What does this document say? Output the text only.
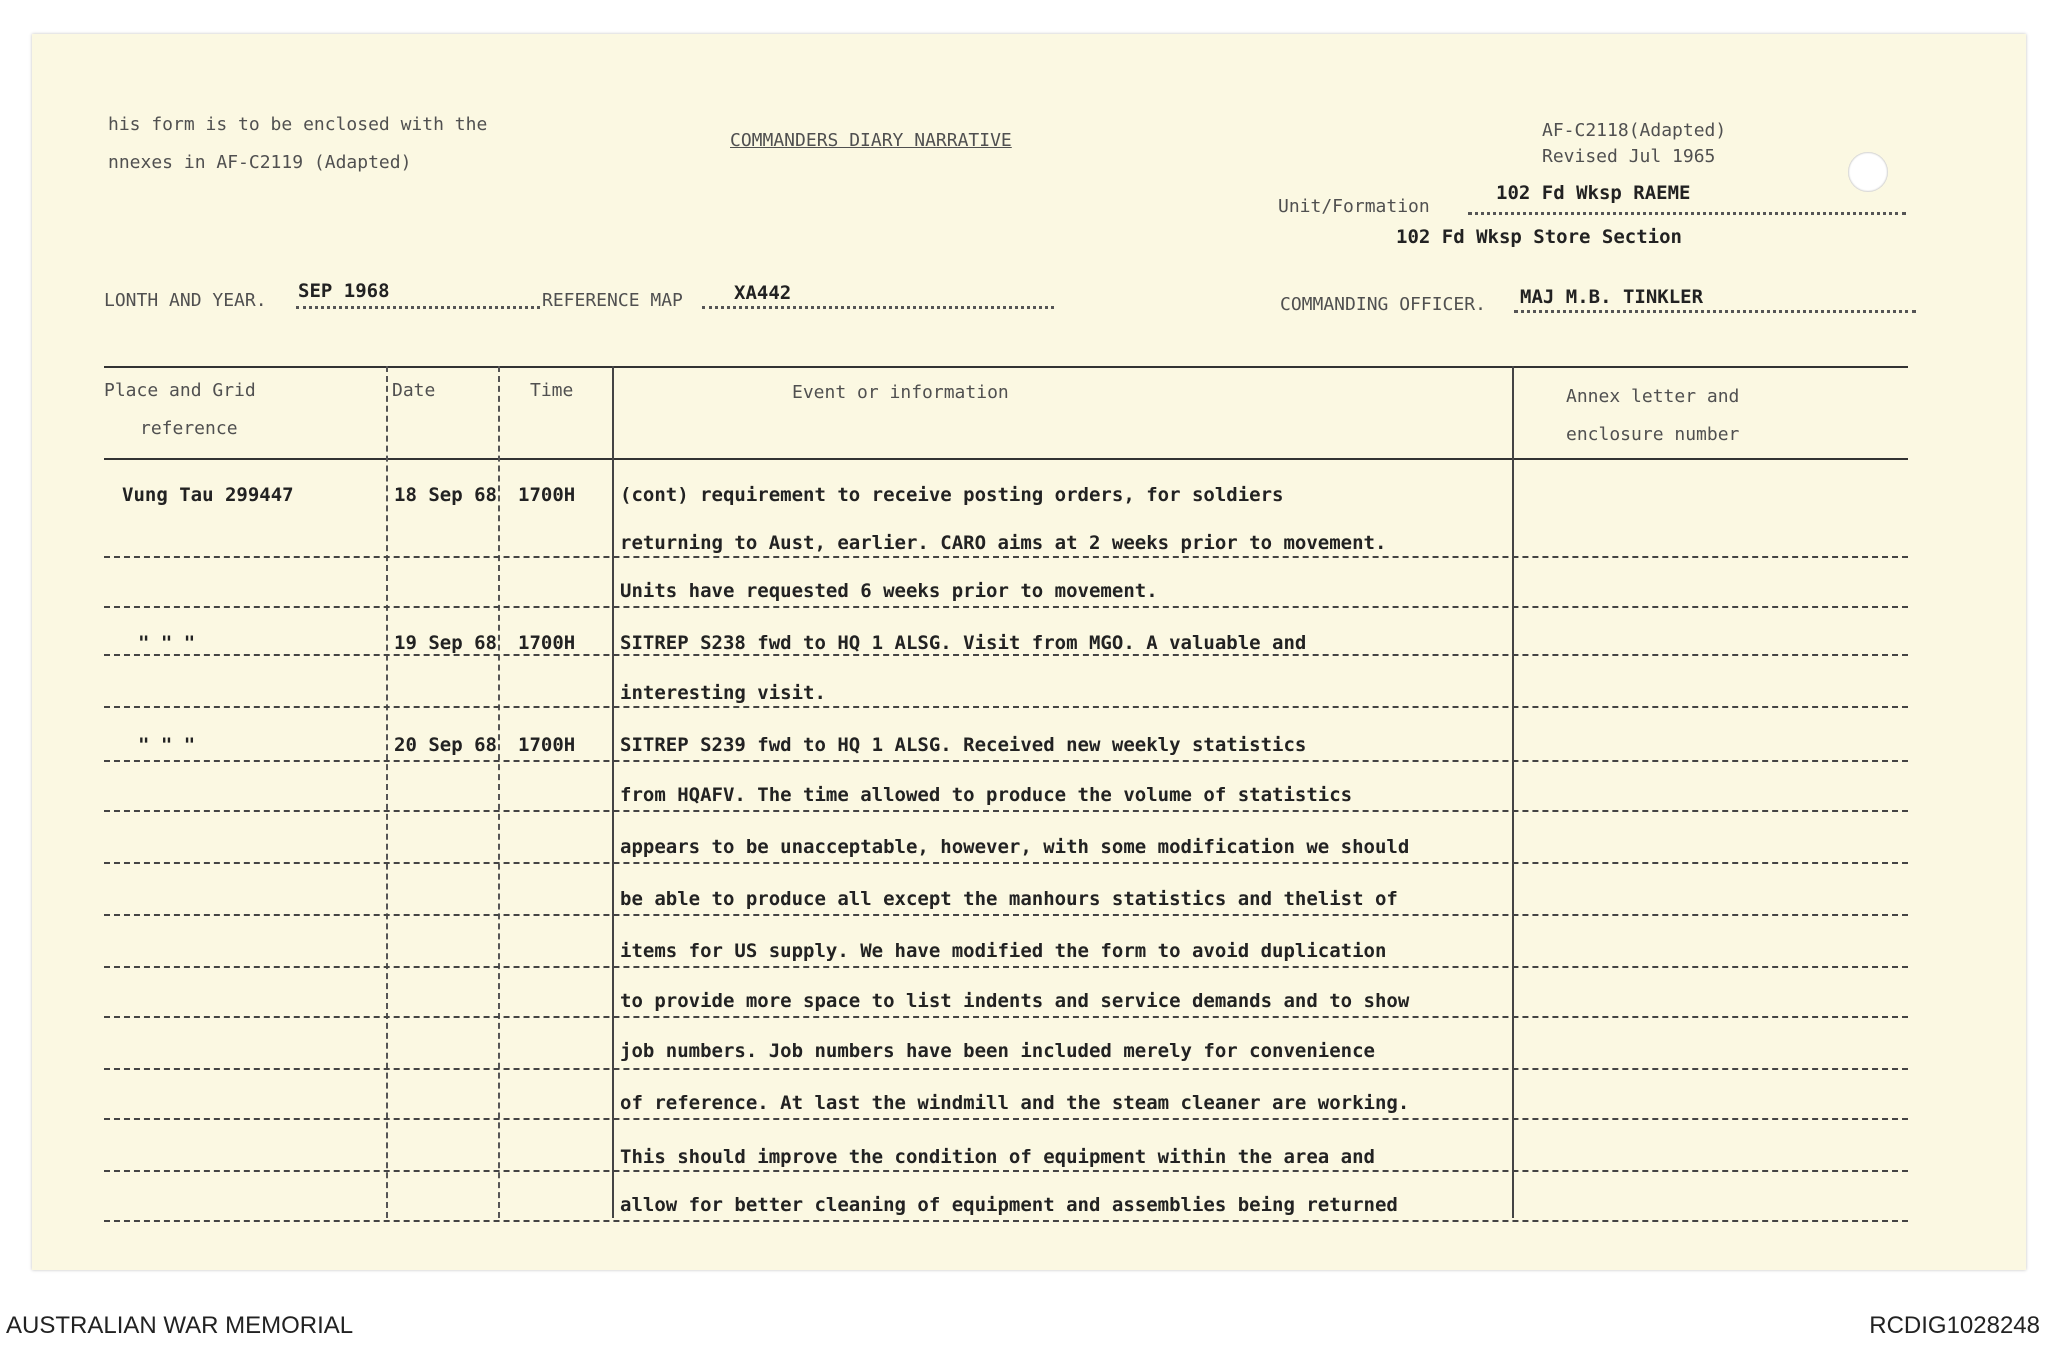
his form is to be enclosed with the
nnexes in AF-C2119 (Adapted)
COMMANDERS DIARY NARRATIVE	AF-C2118(Adapted)
Revised Jul 1965
Unit/Formation
102 Fd Wksp RAEME
102 Fd Wksp Store Section
LONTH AND YEAR. SEP 1968	REFERENCE MAP	XA442
COMMANDING OFFICER. MAJ M.B. TINKLER
Place and Grid
reference
Date	Time	Event or information	Annex letter and
enclosure number
Vung Tau 299447	18 Sep 68 1700H (cont) requirement to receive posting orders, for soldiers
returning to Aust, earlier. CARO aims at 2 weeks prior to movement.
Units have requested 6 weeks prior to movement.
" " "	19 Sep 68 1700H SITREP S238 fwd to HQ 1 ALSG. Visit from MGO. A valuable and
interesting visit.
" " "	20 Sep 68 1700H SITREP S239 fwd to HQ 1 ALSG. Received new weekly statistics
from HQAFV. The time allowed to produce the volume of statistics
appears to be unacceptable, however, with some modification we should
be able to produce all except the manhours statistics and thelist of
items for US supply. We have modified the form to avoid duplication
to provide more space to list indents and service demands and to show
job numbers. Job numbers have been included merely for convenience
of reference. At last the windmill and the steam cleaner are working.
This should improve the condition of equipment within the area and
allow for better cleaning of equipment and assemblies being returned
AUSTRALIAN WAR MEMORIAL	RCDIG1028248
